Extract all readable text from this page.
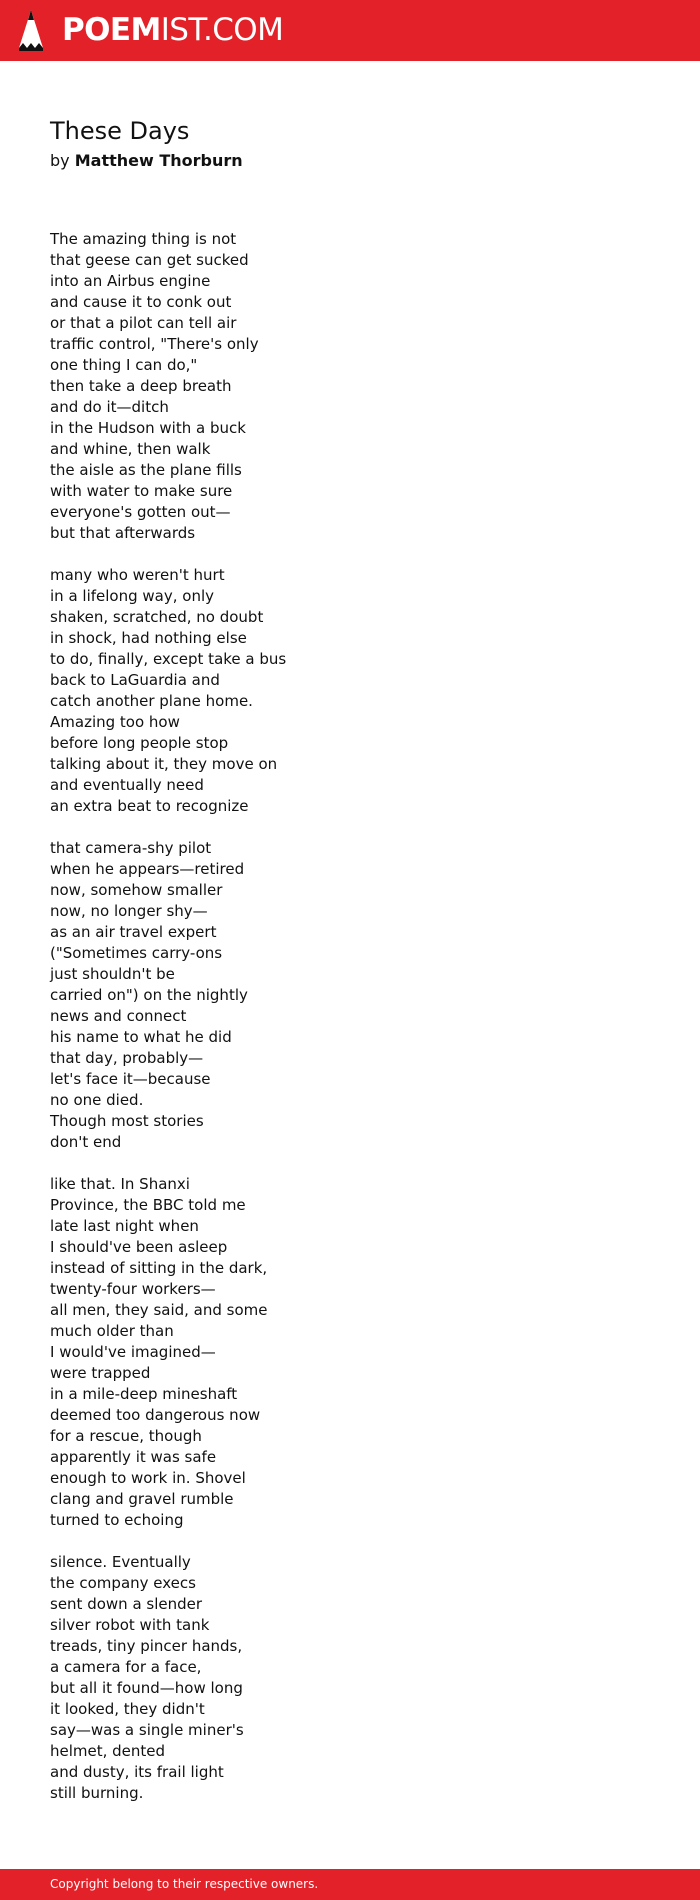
POEMIST.COM
These Days
by Matthew Thorburn
The amazing thing is not
that geese can get sucked
into an Airbus engine
and cause it to conk out
or that a pilot can tell air
traffic control, "There's only
one thing I can do,"
then take a deep breath
and do it—ditch
in the Hudson with a buck
and whine, then walk
the aisle as the plane fills
with water to make sure
everyone's gotten out—
but that afterwards
many who weren't hurt
in a lifelong way, only
shaken, scratched, no doubt
in shock, had nothing else
to do, finally, except take a bus
back to LaGuardia and
catch another plane home.
Amazing too how
before long people stop
talking about it, they move on
and eventually need
an extra beat to recognize
that camera-shy pilot
when he appears—retired
now, somehow smaller
now, no longer shy—
as an air travel expert
("Sometimes carry-ons
just shouldn't be
carried on") on the nightly
news and connect
his name to what he did
that day, probably—
let's face it—because
no one died.
Though most stories
don't end
like that. In Shanxi
Province, the BBC told me
late last night when
I should've been asleep
instead of sitting in the dark,
twenty-four workers—
all men, they said, and some
much older than
I would've imagined—
were trapped
in a mile-deep mineshaft
deemed too dangerous now
for a rescue, though
apparently it was safe
enough to work in. Shovel
clang and gravel rumble
turned to echoing
silence. Eventually
the company execs
sent down a slender
silver robot with tank
treads, tiny pincer hands,
a camera for a face,
but all it found—how long
it looked, they didn't
say—was a single miner's
helmet, dented
and dusty, its frail light
still burning.
Copyright belong to their respective owners.
